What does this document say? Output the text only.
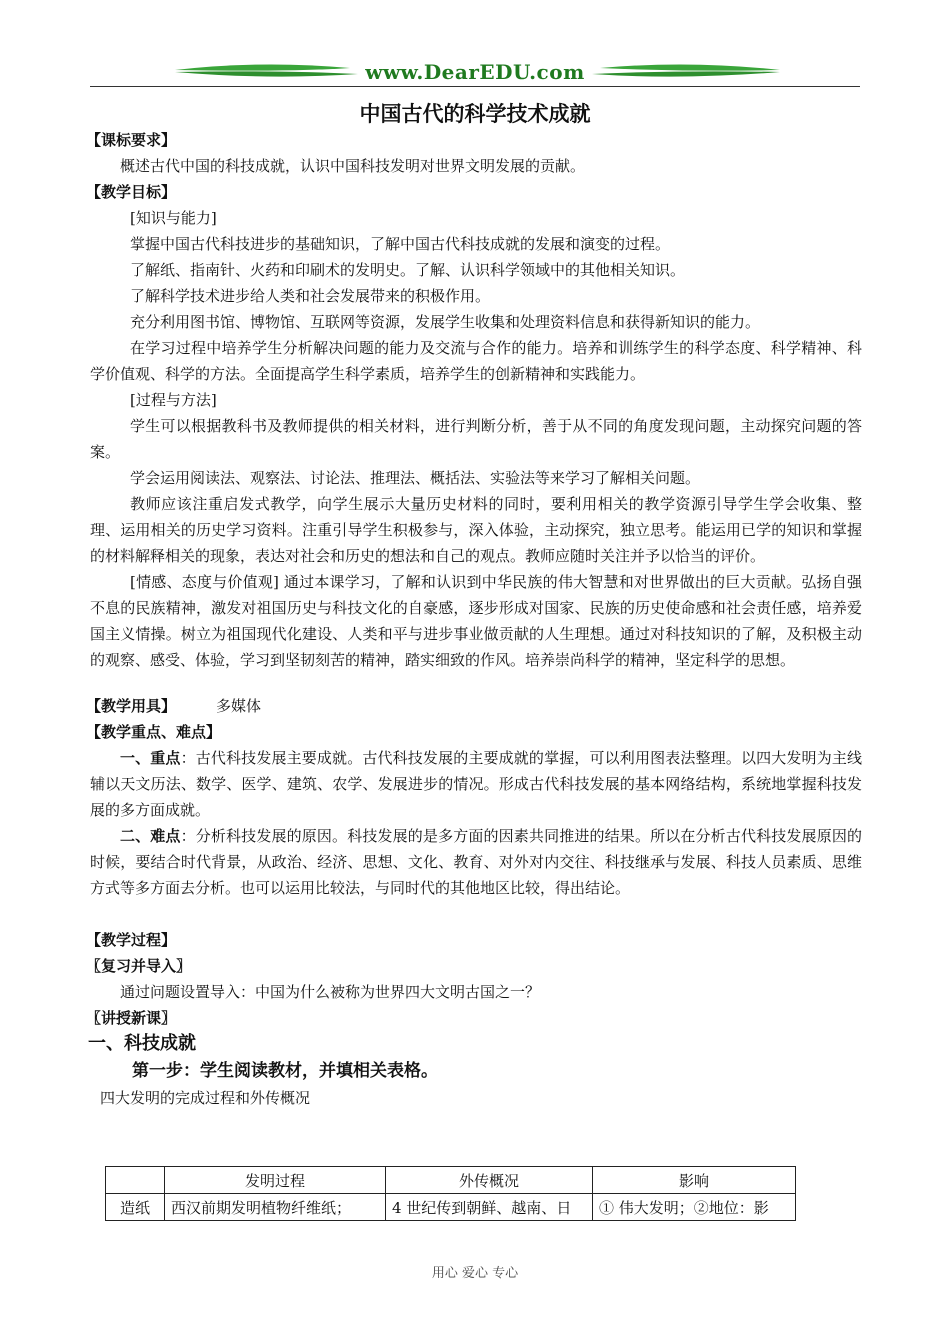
www.DearEDU.com
中国古代的科学技术成就

【课标要求】

概述古代中国的科技成就，认识中国科技发明对世界文明发展的贡献。

【教学目标】

[知识与能力]

掌握中国古代科技进步的基础知识，了解中国古代科技成就的发展和演变的过程。

了解纸、指南针、火药和印刷术的发明史。了解、认识科学领域中的其他相关知识。

了解科学技术进步给人类和社会发展带来的积极作用。

充分利用图书馆、博物馆、互联网等资源，发展学生收集和处理资料信息和获得新知识的能力。

在学习过程中培养学生分析解决问题的能力及交流与合作的能力。培养和训练学生的科学态度、科学精神、科学价值观、科学的方法。全面提高学生科学素质，培养学生的创新精神和实践能力。

[过程与方法]

学生可以根据教科书及教师提供的相关材料，进行判断分析，善于从不同的角度发现问题，主动探究问题的答案。

学会运用阅读法、观察法、讨论法、推理法、概括法、实验法等来学习了解相关问题。

教师应该注重启发式教学，向学生展示大量历史材料的同时，要利用相关的教学资源引导学生学会收集、整理、运用相关的历史学习资料。注重引导学生积极参与，深入体验，主动探究，独立思考。能运用已学的知识和掌握的材料解释相关的现象，表达对社会和历史的想法和自己的观点。教师应随时关注并予以恰当的评价。

[情感、态度与价值观] 通过本课学习，了解和认识到中华民族的伟大智慧和对世界做出的巨大贡献。弘扬自强不息的民族精神，激发对祖国历史与科技文化的自豪感，逐步形成对国家、民族的历史使命感和社会责任感，培养爱国主义情操。树立为祖国现代化建设、人类和平与进步事业做贡献的人生理想。通过对科技知识的了解，及积极主动的观察、感受、体验，学习到坚韧刻苦的精神，踏实细致的作风。培养崇尚科学的精神，坚定科学的思想。

【教学用具】	多媒体

【教学重点、难点】

一、重点：古代科技发展主要成就。古代科技发展的主要成就的掌握，可以利用图表法整理。以四大发明为主线辅以天文历法、数学、医学、建筑、农学、发展进步的情况。形成古代科技发展的基本网络结构，系统地掌握科技发展的多方面成就。

二、难点：分析科技发展的原因。科技发展的是多方面的因素共同推进的结果。所以在分析古代科技发展原因的时候，要结合时代背景，从政治、经济、思想、文化、教育、对外对内交往、科技继承与发展、科技人员素质、思维方式等多方面去分析。也可以运用比较法，与同时代的其他地区比较，得出结论。

【教学过程】

〖复习并导入〗

通过问题设置导入：中国为什么被称为世界四大文明古国之一？

〖讲授新课〗

一、科技成就

第一步：学生阅读教材，并填相关表格。

四大发明的完成过程和外传概况

	发明过程	外传概况	影响
造纸	西汉前期发明植物纤维纸；	4 世纪传到朝鲜、越南、日	① 伟大发明；②地位：影
用心 爱心 专心
